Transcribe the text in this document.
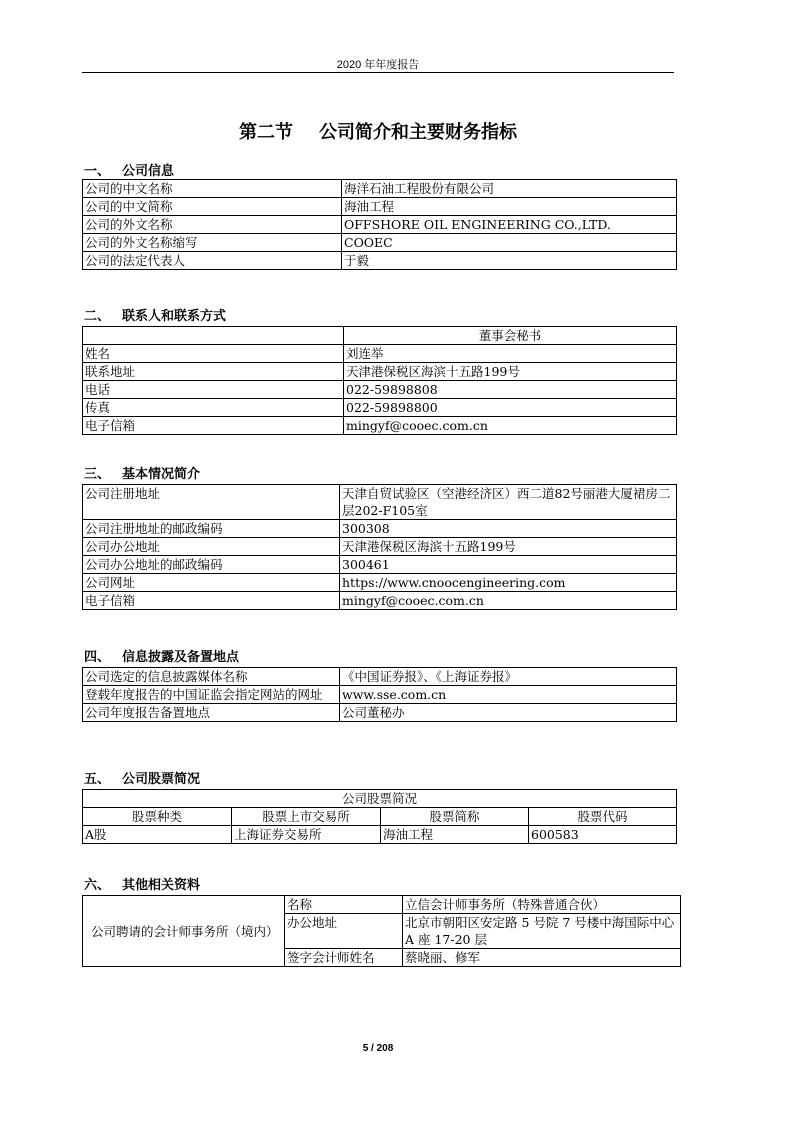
2020 年年度报告
第二节 公司简介和主要财务指标
一、 公司信息
公司的中文名称	海洋石油工程股份有限公司
公司的中文简称	海油工程
公司的外文名称	OFFSHORE OIL ENGINEERING CO.,LTD.
公司的外文名称缩写	COOEC
公司的法定代表人	于毅
二、 联系人和联系方式
	董事会秘书
姓名	刘连举
联系地址	天津港保税区海滨十五路199号
电话	022-59898808
传真	022-59898800
电子信箱	mingyf@cooec.com.cn
三、 基本情况简介
公司注册地址	天津自贸试验区（空港经济区）西二道82号丽港大厦裙房二层202-F105室
公司注册地址的邮政编码	300308
公司办公地址	天津港保税区海滨十五路199号
公司办公地址的邮政编码	300461
公司网址	https://www.cnoocengineering.com
电子信箱	mingyf@cooec.com.cn
四、 信息披露及备置地点
公司选定的信息披露媒体名称	《中国证券报》、《上海证券报》
登载年度报告的中国证监会指定网站的网址	www.sse.com.cn
公司年度报告备置地点	公司董秘办
五、 公司股票简况
公司股票简况			
股票种类	股票上市交易所	股票简称	股票代码
A股	上海证券交易所	海油工程	600583
六、 其他相关资料
公司聘请的会计师事务所（境内）	名称	立信会计师事务所（特殊普通合伙）
	办公地址	北京市朝阳区安定路 5 号院 7 号楼中海国际中心 A 座 17-20 层
	签字会计师姓名	蔡晓丽、修军
5 / 208
